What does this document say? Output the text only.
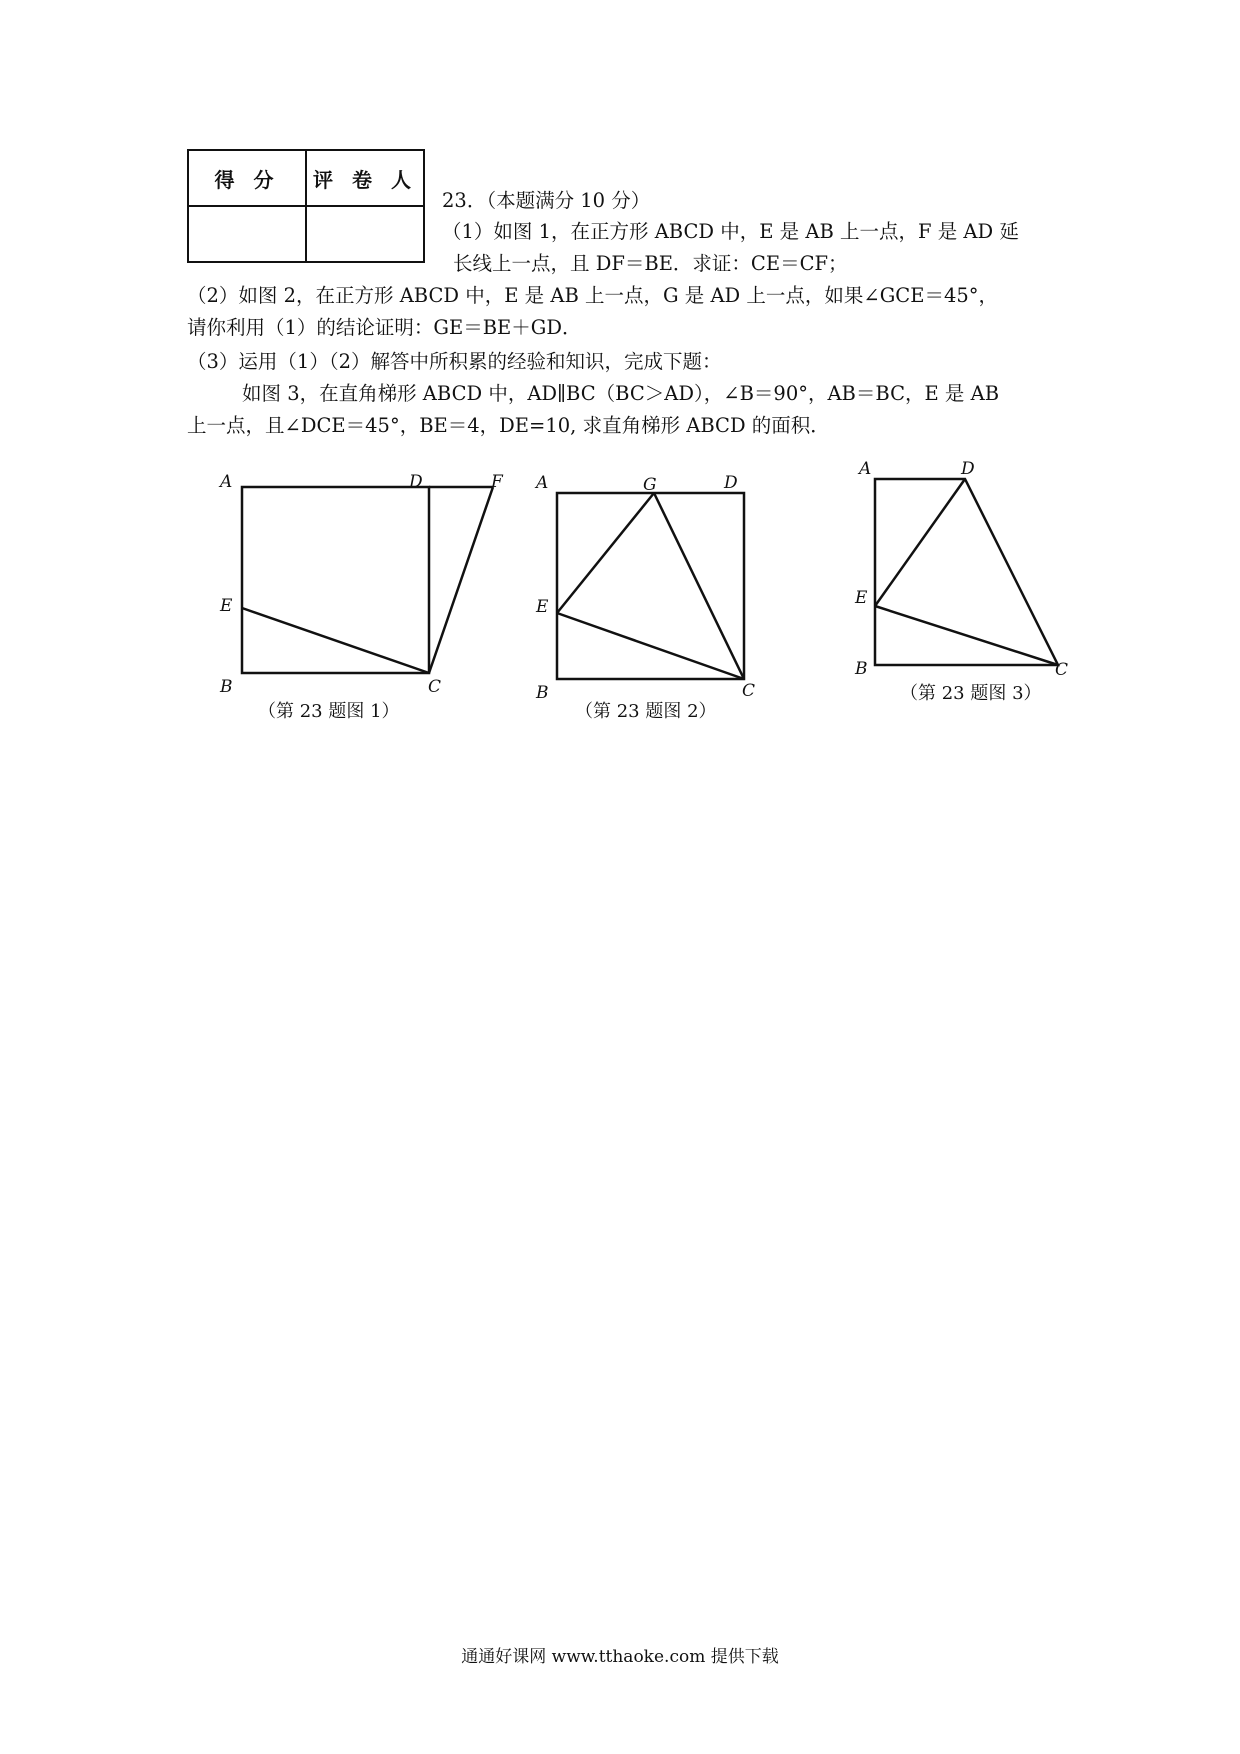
得 分	评 卷 人

23．（本题满分 10 分）
（1）如图 1，在正方形 ABCD 中，E 是 AB 上一点，F 是 AD 延
长线上一点，且 DF＝BE．求证：CE＝CF；
（2）如图 2，在正方形 ABCD 中，E 是 AB 上一点，G 是 AD 上一点，如果∠GCE＝45°，
请你利用（1）的结论证明：GE＝BE＋GD．
（3）运用（1）（2）解答中所积累的经验和知识，完成下题：
如图 3，在直角梯形 ABCD 中，AD∥BC（BC＞AD），∠B＝90°，AB＝BC，E 是 AB
上一点，且∠DCE＝45°，BE＝4，DE=10, 求直角梯形 ABCD 的面积．
A
B	C
D	F
E
A
B	C
D
G
E
A
B	C
D
E
（第 23 题图 1）	（第 23 题图 2）
（第 23 题图 3）
通通好课网 www.tthaoke.com 提供下载
